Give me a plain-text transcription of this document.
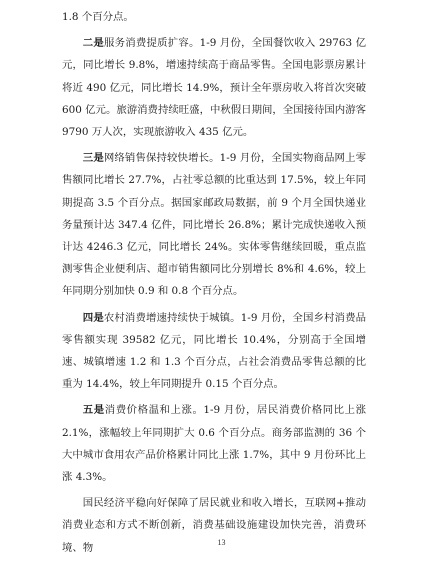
1.8 个百分点。

二是服务消费提质扩容。1-9 月份，全国餐饮收入 29763 亿元，同比增长 9.8%，增速持续高于商品零售。全国电影票房累计将近 490 亿元，同比增长 14.9%，预计全年票房收入将首次突破 600 亿元。旅游消费持续旺盛，中秋假日期间，全国接待国内游客 9790 万人次，实现旅游收入 435 亿元。

三是网络销售保持较快增长。1-9 月份，全国实物商品网上零售额同比增长 27.7%，占社零总额的比重达到 17.5%，较上年同期提高 3.5 个百分点。据国家邮政局数据，前 9 个月全国快递业务量预计达 347.4 亿件，同比增长 26.8%；累计完成快递收入预计达 4246.3 亿元，同比增长 24%。实体零售继续回暖，重点监测零售企业便利店、超市销售额同比分别增长 8%和 4.6%，较上年同期分别加快 0.9 和 0.8 个百分点。

四是农村消费增速持续快于城镇。1-9 月份，全国乡村消费品零售额实现 39582 亿元，同比增长 10.4%，分别高于全国增速、城镇增速 1.2 和 1.3 个百分点，占社会消费品零售总额的比重为 14.4%，较上年同期提升 0.15 个百分点。

五是消费价格温和上涨。1-9 月份，居民消费价格同比上涨 2.1%，涨幅较上年同期扩大 0.6 个百分点。商务部监测的 36 个大中城市食用农产品价格累计同比上涨 1.7%，其中 9 月份环比上涨 4.3%。

国民经济平稳向好保障了居民就业和收入增长，互联网+推动消费业态和方式不断创新，消费基础设施建设加快完善，消费环境、物	13
